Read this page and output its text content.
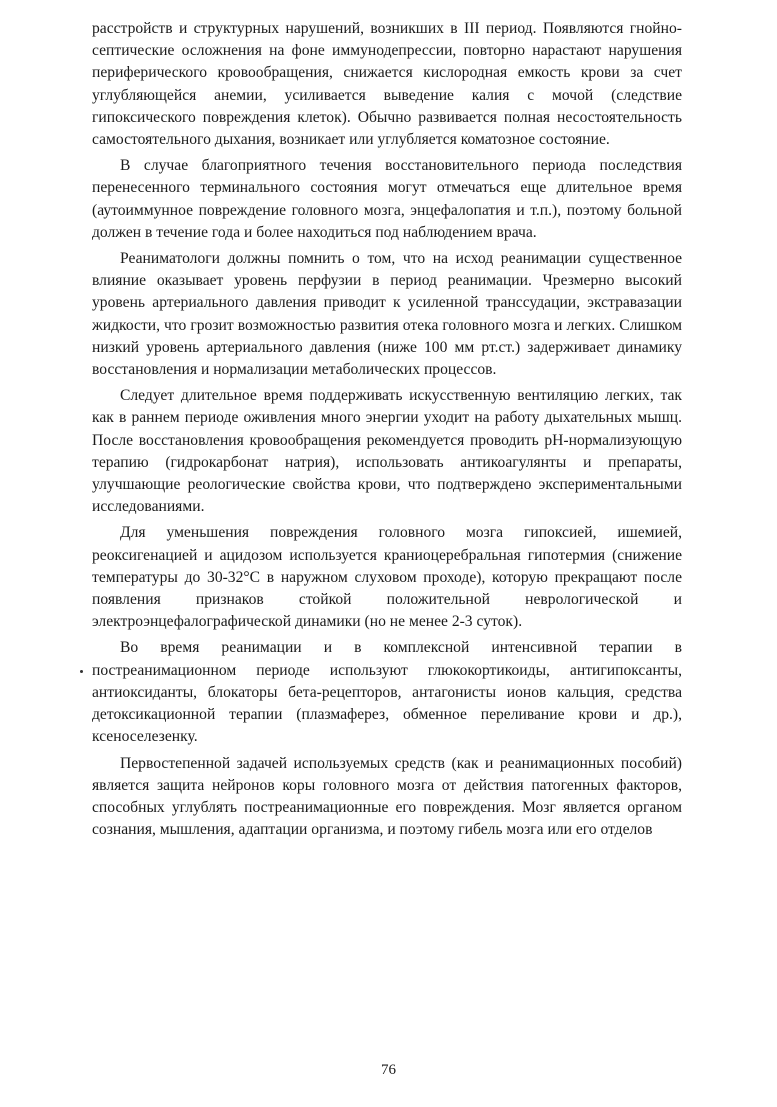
расстройств и структурных нарушений, возникших в III период. Появляются гнойно-септические осложнения на фоне иммунодепрессии, повторно нарастают нарушения периферического кровообращения, снижается кислородная емкость крови за счет углубляющейся анемии, усиливается выведение калия с мочой (следствие гипоксического повреждения клеток). Обычно развивается полная несостоятельность самостоятельного дыхания, возникает или углубляется коматозное состояние.

В случае благоприятного течения восстановительного периода последствия перенесенного терминального состояния могут отмечаться еще длительное время (аутоиммунное повреждение головного мозга, энцефалопатия и т.п.), поэтому больной должен в течение года и более находиться под наблюдением врача.

Реаниматологи должны помнить о том, что на исход реанимации существенное влияние оказывает уровень перфузии в период реанимации. Чрезмерно высокий уровень артериального давления приводит к усиленной транссудации, экстравазации жидкости, что грозит возможностью развития отека головного мозга и легких. Слишком низкий уровень артериального давления (ниже 100 мм рт.ст.) задерживает динамику восстановления и нормализации метаболических процессов.

Следует длительное время поддерживать искусственную вентиляцию легких, так как в раннем периоде оживления много энергии уходит на работу дыхательных мышц. После восстановления кровообращения рекомендуется проводить рН-нормализующую терапию (гидрокарбонат натрия), использовать антикоагулянты и препараты, улучшающие реологические свойства крови, что подтверждено экспериментальными исследованиями.

Для уменьшения повреждения головного мозга гипоксией, ишемией, реоксигенацией и ацидозом используется краниоцеребральная гипотермия (снижение температуры до 30-32°С в наружном слуховом проходе), которую прекращают после появления признаков стойкой положительной неврологической и электроэнцефалографической динамики (но не менее 2-3 суток).

Во время реанимации и в комплексной интенсивной терапии в постреанимационном периоде используют глюкокортикоиды, антигипоксанты, антиоксиданты, блокаторы бета-рецепторов, антагонисты ионов кальция, средства детоксикационной терапии (плазмаферез, обменное переливание крови и др.), ксеноселезенку.

Первостепенной задачей используемых средств (как и реанимационных пособий) является защита нейронов коры головного мозга от действия патогенных факторов, способных углублять постреанимационные его повреждения. Мозг является органом сознания, мышления, адаптации организма, и поэтому гибель мозга или его отделов

76
